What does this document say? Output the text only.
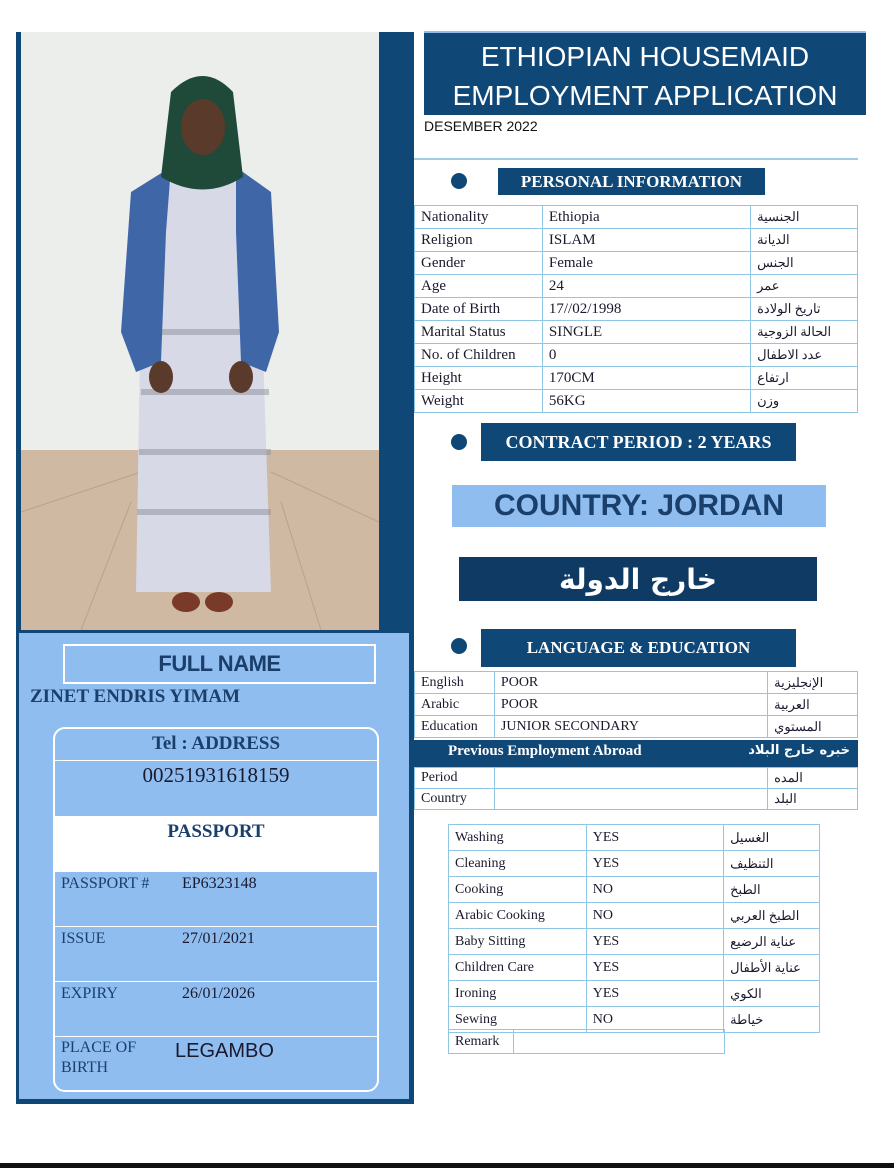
FULL NAME
ZINET ENDRIS YIMAM
Tel : ADDRESS
00251931618159
PASSPORT
PASSPORT # EP6323148
ISSUE	27/01/2021
EXPIRY	26/01/2026
PLACE OF
BIRTH
LEGAMBO
ETHIOPIAN HOUSEMAID
EMPLOYMENT APPLICATION
DESEMBER 2022
PERSONAL INFORMATION
Nationality	Ethiopia	الجنسية
Religion	ISLAM	الديانة
Gender	Female	الجنس
Age	24	عمر
Date of Birth	17//02/1998	تاريخ الولادة
Marital Status	SINGLE	الحالة الزوجية
No. of Children	0	عدد الاطفال
Height	170CM	ارتفاع
Weight	56KG	وزن
CONTRACT PERIOD : 2 YEARS
COUNTRY: JORDAN
خارج الدولة
LANGUAGE & EDUCATION
English	POOR	الإنجليزية
Arabic	POOR	العربية
Education	JUNIOR SECONDARY	المستوي
Previous Employment Abroad	خبره خارج البلاد
Period		المده
Country		البلد
Washing	YES	الغسيل
Cleaning	YES	التنظيف
Cooking	NO	الطبخ
Arabic Cooking	NO	الطبخ العربي
Baby Sitting	YES	عناية الرضيع
Children Care	YES	عناية الأطفال
Ironing	YES	الكوي
Sewing	NO	خياطة
Remark	
